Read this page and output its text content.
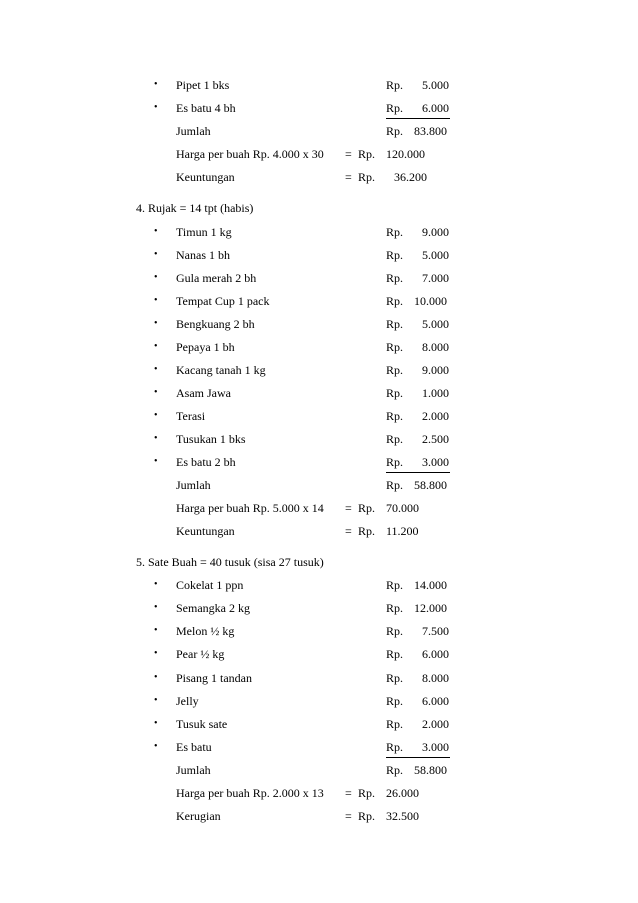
• Pipet 1 bks	Rp. 5.000
• Es batu 4 bh	Rp. 6.000
Jumlah	Rp. 83.800
Harga per buah Rp. 4.000 x 30 = Rp. 120.000
Keuntungan	= Rp. 36.200
4. Rujak = 14 tpt (habis)
• Timun 1 kg	Rp. 9.000
• Nanas 1 bh	Rp. 5.000
• Gula merah 2 bh	Rp. 7.000
• Tempat Cup 1 pack	Rp. 10.000
• Bengkuang 2 bh	Rp. 5.000
• Pepaya 1 bh	Rp. 8.000
• Kacang tanah 1 kg	Rp. 9.000
• Asam Jawa	Rp. 1.000
• Terasi	Rp. 2.000
• Tusukan 1 bks	Rp. 2.500
• Es batu 2 bh	Rp. 3.000
Jumlah	Rp. 58.800
Harga per buah Rp. 5.000 x 14 = Rp. 70.000
Keuntungan	= Rp. 11.200
5. Sate Buah = 40 tusuk (sisa 27 tusuk)
• Cokelat 1 ppn	Rp. 14.000
• Semangka 2 kg	Rp. 12.000
• Melon ½ kg	Rp. 7.500
• Pear ½ kg	Rp. 6.000
• Pisang 1 tandan	Rp. 8.000
• Jelly	Rp. 6.000
• Tusuk sate	Rp. 2.000
• Es batu	Rp. 3.000
Jumlah	Rp. 58.800
Harga per buah Rp. 2.000 x 13 = Rp. 26.000
Kerugian	= Rp. 32.500
